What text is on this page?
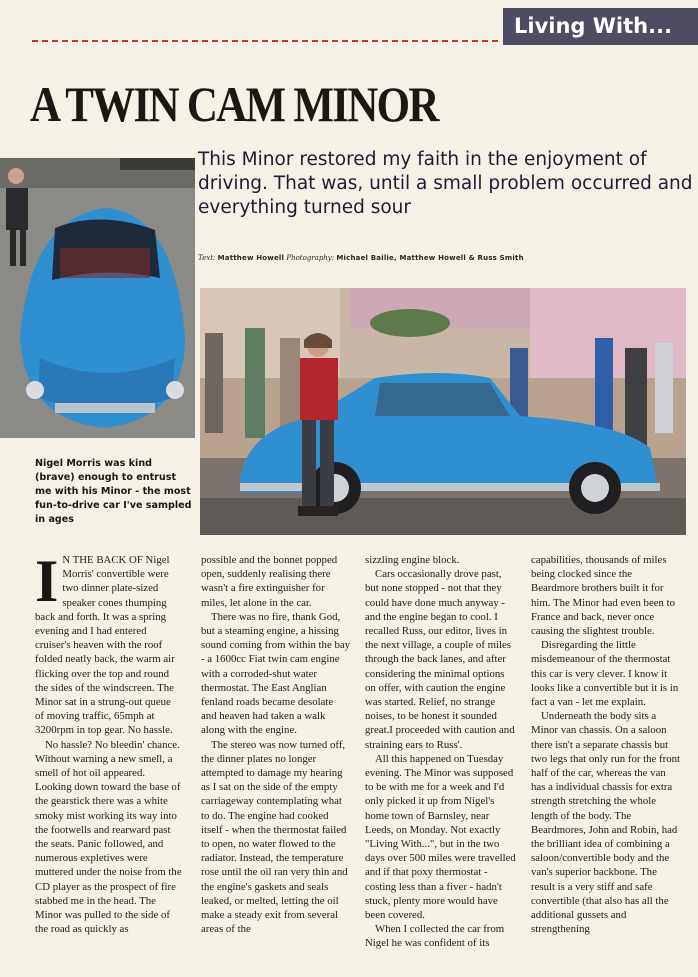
Living With...
A TWIN CAM MINOR
This Minor restored my faith in the enjoyment of driving. That was, until a small problem occurred and everything turned sour
Text: Matthew Howell Photography: Michael Bailie, Matthew Howell & Russ Smith
Nigel Morris was kind (brave) enough to entrust me with his Minor - the most fun-to-drive car I've sampled in ages

I N THE BACK OF Nigel Morris' convertible were two dinner plate-sized speaker cones thumping back and forth. It was a spring evening and I had entered cruiser's heaven with the roof folded neatly back, the warm air flicking over the top and round the sides of the windscreen. The Minor sat in a strung-out queue of moving traffic, 65mph at 3200rpm in top gear. No hassle.

No hassle? No bleedin' chance. Without warning a new smell, a smell of hot oil appeared. Looking down toward the base of the gearstick there was a white smoky mist working its way into the footwells and rearward past the seats. Panic followed, and numerous expletives were muttered under the noise from the CD player as the prospect of fire stabbed me in the head. The Minor was pulled to the side of the road as quickly as

possible and the bonnet popped open, suddenly realising there wasn't a fire extinguisher for miles, let alone in the car.

There was no fire, thank God, but a steaming engine, a hissing sound coming from within the bay - a 1600cc Fiat twin cam engine with a corroded-shut water thermostat. The East Anglian fenland roads became desolate and heaven had taken a walk along with the engine.

The stereo was now turned off, the dinner plates no longer attempted to damage my hearing as I sat on the side of the empty carriageway contemplating what to do. The engine had cooked itself - when the thermostat failed to open, no water flowed to the radiator. Instead, the temperature rose until the oil ran very thin and the engine's gaskets and seals leaked, or melted, letting the oil make a steady exit from several areas of the

sizzling engine block.

Cars occasionally drove past, but none stopped - not that they could have done much anyway - and the engine began to cool. I recalled Russ, our editor, lives in the next village, a couple of miles through the back lanes, and after considering the minimal options on offer, with caution the engine was started. Relief, no strange noises, to be honest it sounded great.I proceeded with caution and straining ears to Russ'.

All this happened on Tuesday evening. The Minor was supposed to be with me for a week and I'd only picked it up from Nigel's home town of Barnsley, near Leeds, on Monday. Not exactly "Living With...", but in the two days over 500 miles were travelled and if that poxy thermostat - costing less than a fiver - hadn't stuck, plenty more would have been covered.

When I collected the car from Nigel he was confident of its

capabilities, thousands of miles being clocked since the Beardmore brothers built it for him. The Minor had even been to France and back, never once causing the slightest trouble.

Disregarding the little misdemeanour of the thermostat this car is very clever. I know it looks like a convertible but it is in fact a van - let me explain.

Underneath the body sits a Minor van chassis. On a saloon there isn't a separate chassis but two legs that only run for the front half of the car, whereas the van has a individual chassis for extra strength stretching the whole length of the body. The Beardmores, John and Robin, had the brilliant idea of combining a saloon/convertible body and the van's superior backbone. The result is a very stiff and safe convertible (that also has all the additional gussets and strengthening
